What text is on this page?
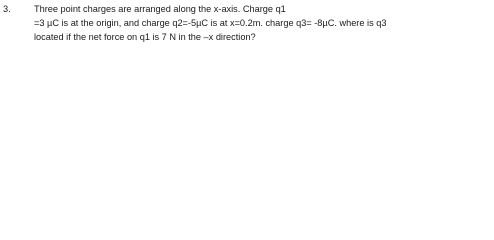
3.	Three point charges are arranged along the x-axis. Charge q1
=3 µC is at the origin, and charge q2=-5µC is at x=0.2m. charge q3= -8µC. where is q3
located if the net force on q1 is 7 N in the –x direction?
